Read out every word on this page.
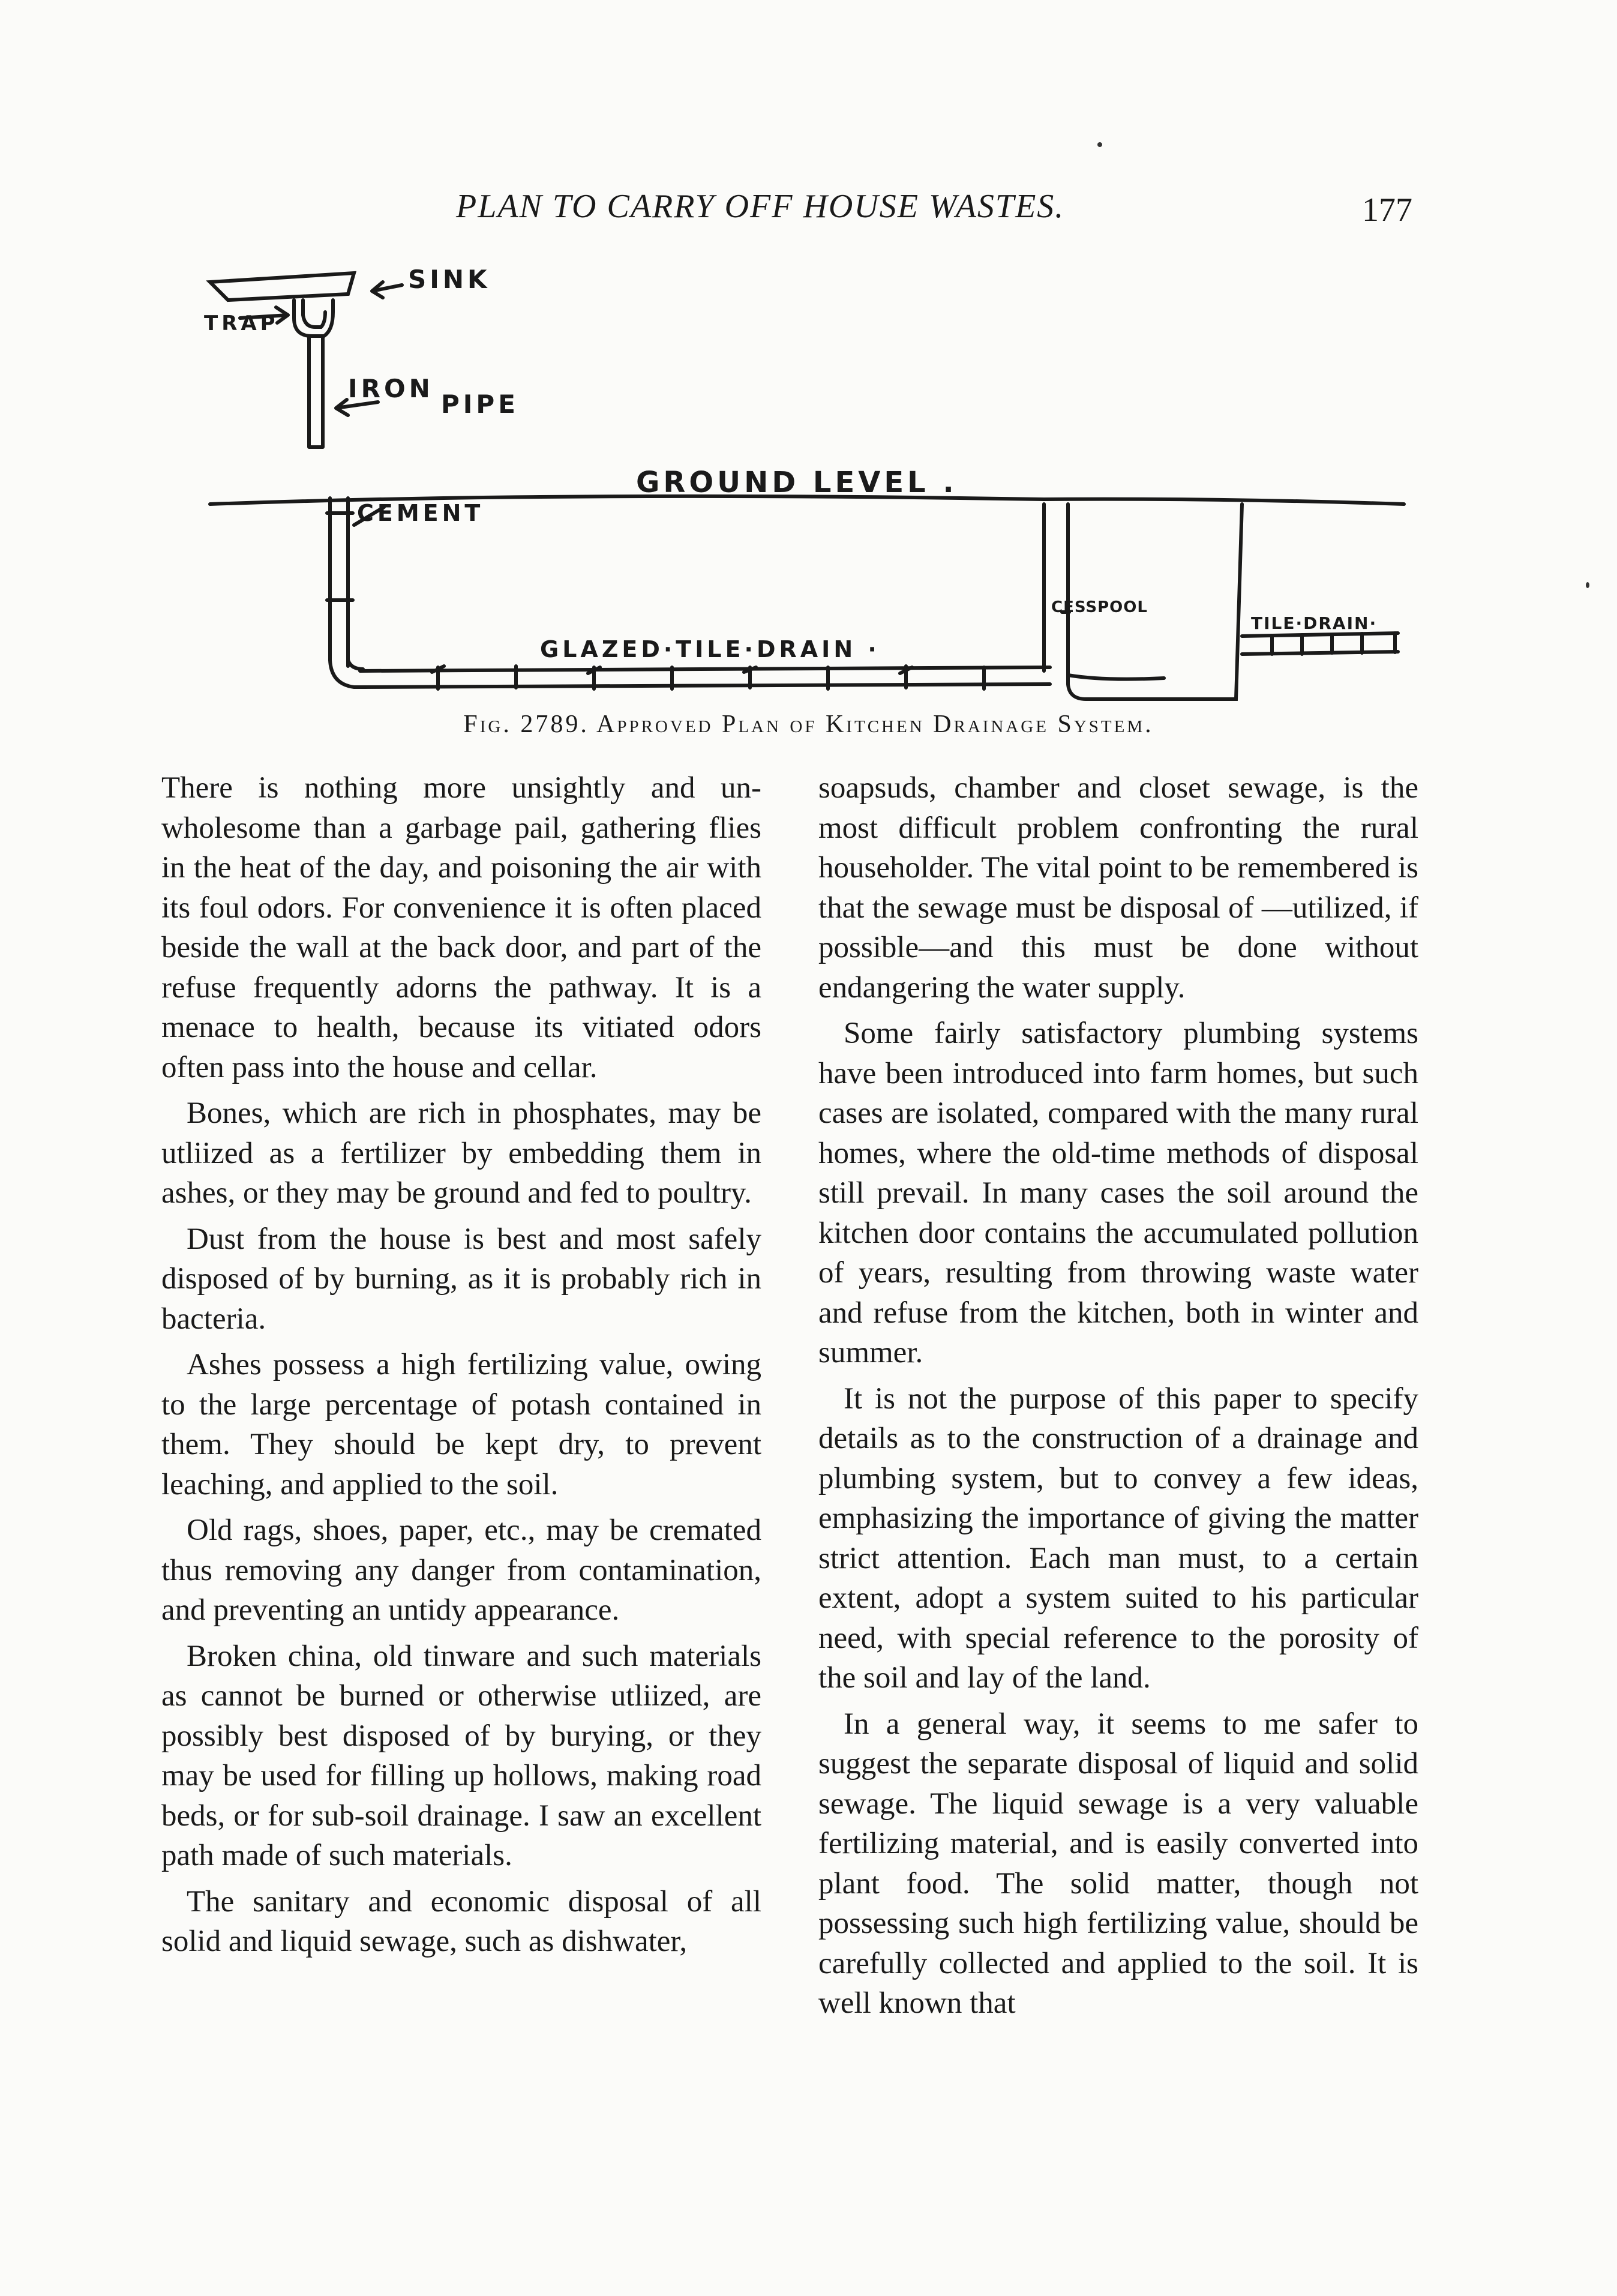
PLAN TO CARRY OFF HOUSE WASTES.	177
SINK
TRAP
IRON
PIPE
GROUND LEVEL .
CEMENT
CESSPOOL
TILE·DRAIN·
GLAZED·TILE·DRAIN ·
Fig. 2789. Approved Plan of Kitchen Drainage System.

There is nothing more unsightly and unwholesome than a garbage pail, gathering flies in the heat of the day, and poisoning the air with its foul odors. For convenience it is often placed beside the wall at the back door, and part of the refuse frequently adorns the pathway. It is a menace to health, because its vitiated odors often pass into the house and cellar.

Bones, which are rich in phosphates, may be utliized as a fertilizer by embedding them in ashes, or they may be ground and fed to poultry.

Dust from the house is best and most safely disposed of by burning, as it is probably rich in bacteria.

Ashes possess a high fertilizing value, owing to the large percentage of potash contained in them. They should be kept dry, to prevent leaching, and applied to the soil.

Old rags, shoes, paper, etc., may be cremated thus removing any danger from contamination, and preventing an untidy appearance.

Broken china, old tinware and such materials as cannot be burned or otherwise utliized, are possibly best disposed of by burying, or they may be used for filling up hollows, making road beds, or for sub-soil drainage. I saw an excellent path made of such materials.

The sanitary and economic disposal of all solid and liquid sewage, such as dishwater,

soapsuds, chamber and closet sewage, is the most difficult problem confronting the rural householder. The vital point to be remembered is that the sewage must be disposal of —utilized, if possible—and this must be done without endangering the water supply.

Some fairly satisfactory plumbing systems have been introduced into farm homes, but such cases are isolated, compared with the many rural homes, where the old-time methods of disposal still prevail. In many cases the soil around the kitchen door contains the accumulated pollution of years, resulting from throwing waste water and refuse from the kitchen, both in winter and summer.

It is not the purpose of this paper to specify details as to the construction of a drainage and plumbing system, but to convey a few ideas, emphasizing the importance of giving the matter strict attention. Each man must, to a certain extent, adopt a system suited to his particular need, with special reference to the porosity of the soil and lay of the land.

In a general way, it seems to me safer to suggest the separate disposal of liquid and solid sewage. The liquid sewage is a very valuable fertilizing material, and is easily converted into plant food. The solid matter, though not possessing such high fertilizing value, should be carefully collected and applied to the soil. It is well known that
